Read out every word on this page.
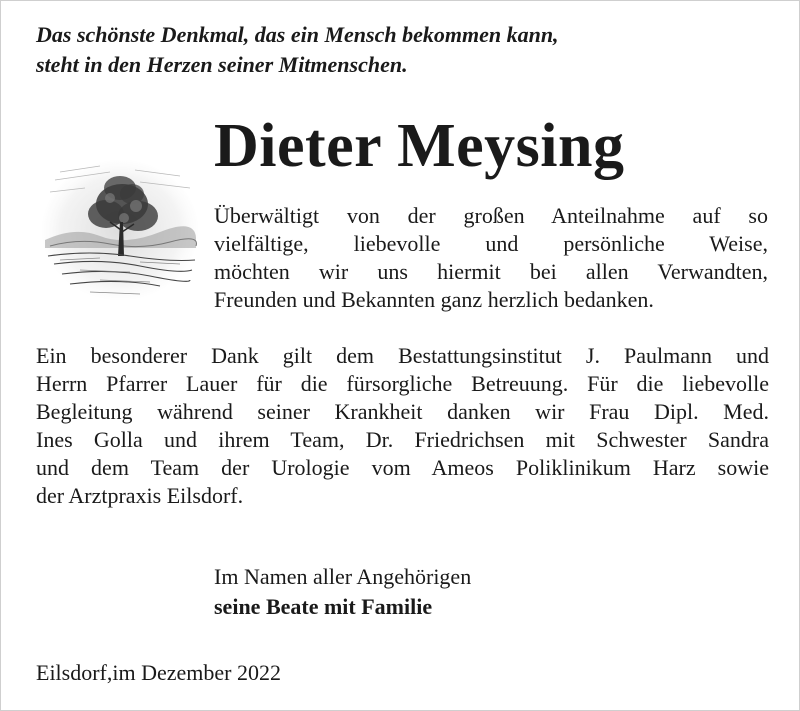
Das schönste Denkmal, das ein Mensch bekommen kann,
steht in den Herzen seiner Mitmenschen.

Dieter Meysing

Überwältigt von der großen Anteilnahme auf so
vielfältige, liebevolle und persönliche Weise,
möchten wir uns hiermit bei allen Verwandten,
Freunden und Bekannten ganz herzlich bedanken.

Ein besonderer Dank gilt dem Bestattungsinstitut J. Paulmann und
Herrn Pfarrer Lauer für die fürsorgliche Betreuung. Für die liebevolle
Begleitung während seiner Krankheit danken wir Frau Dipl. Med.
Ines Golla und ihrem Team, Dr. Friedrichsen mit Schwester Sandra
und dem Team der Urologie vom Ameos Poliklinikum Harz sowie
der Arztpraxis Eilsdorf.

Im Namen aller Angehörigen
seine Beate mit Familie

Eilsdorf,im Dezember 2022
